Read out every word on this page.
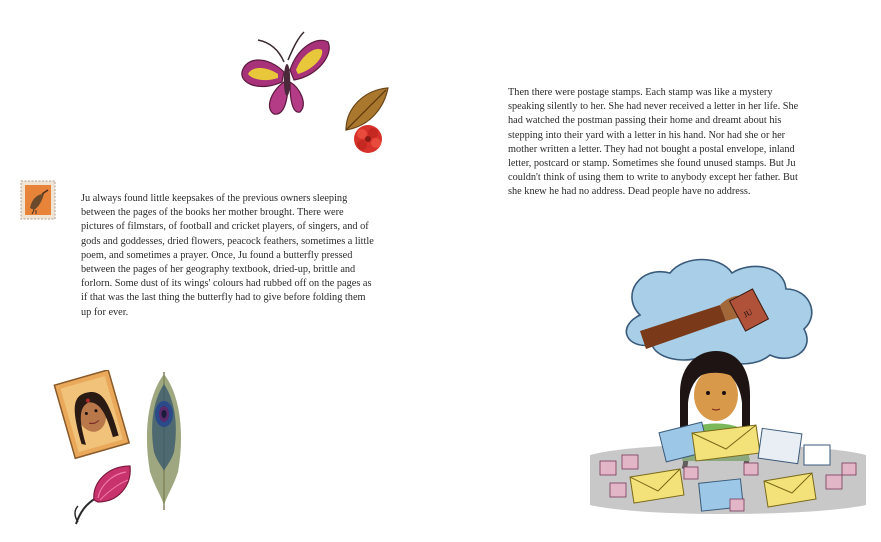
Ju always found little keepsakes of the previous owners sleeping between the pages of the books her mother brought. There were pictures of filmstars, of football and cricket players, of singers, and of gods and goddesses, dried flowers, peacock feathers, sometimes a little poem, and sometimes a prayer. Once, Ju found a butterfly pressed between the pages of her geography textbook, dried-up, brittle and forlorn. Some dust of its wings' colours had rubbed off on the pages as if that was the last thing the butterfly had to give before folding them up for ever.

Then there were postage stamps. Each stamp was like a mystery speaking silently to her. She had never received a letter in her life. She had watched the postman passing their home and dreamt about his stepping into their yard with a letter in his hand. Nor had she or her mother written a letter. They had not bought a postal envelope, inland letter, postcard or stamp. Sometimes she found unused stamps. But Ju couldn't think of using them to write to anybody except her father. But she knew he had no address. Dead people have no address.

JU
